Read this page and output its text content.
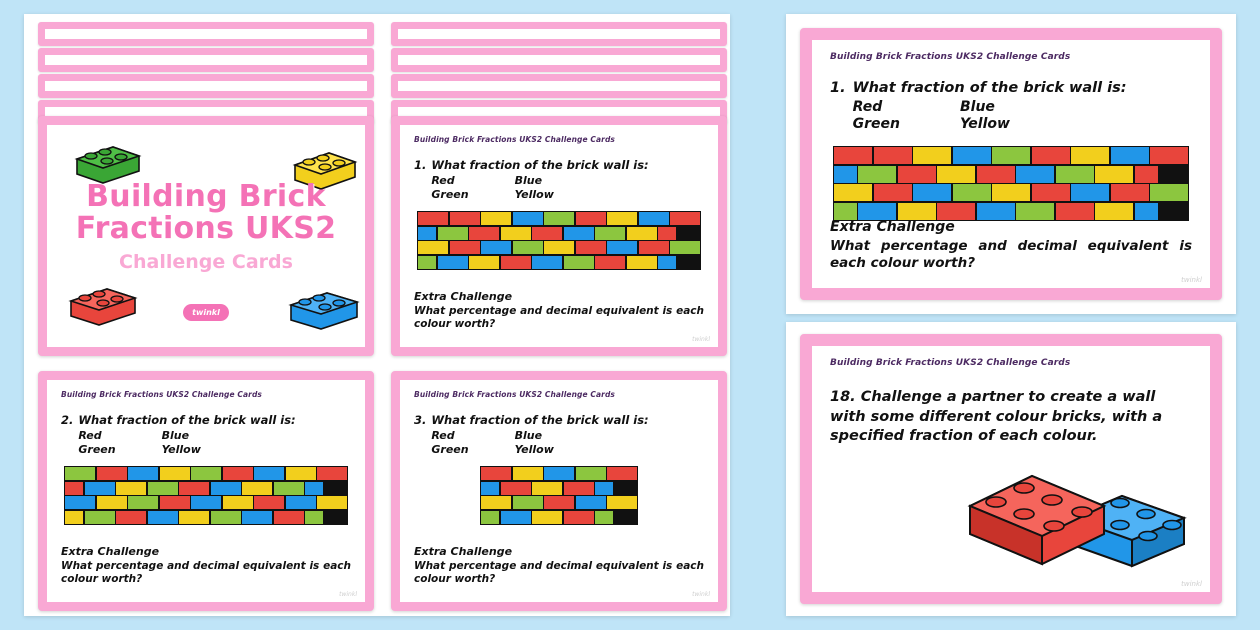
Building Brick
Fractions UKS2
Challenge Cards
twinkl
Building Brick Fractions UKS2 Challenge Cards
1. What fraction of the brick wall is:
Red	Blue
Green	Yellow
Extra Challenge
What percentage and decimal equivalent is each colour worth?
twinkl
Building Brick Fractions UKS2 Challenge Cards
2. What fraction of the brick wall is:
Red	Blue
Green	Yellow
Extra Challenge
What percentage and decimal equivalent is each colour worth?
twinkl
Building Brick Fractions UKS2 Challenge Cards
3. What fraction of the brick wall is:
Red	Blue
Green	Yellow
Extra Challenge
What percentage and decimal equivalent is each colour worth?
twinkl
Building Brick Fractions UKS2 Challenge Cards
1. What fraction of the brick wall is:
Red	Blue
Green	Yellow
Extra Challenge
What percentage and decimal equivalent is each colour worth?
twinkl
Building Brick Fractions UKS2 Challenge Cards
18. Challenge a partner to create a wall with some different colour bricks, with a specified fraction of each colour.
twinkl
